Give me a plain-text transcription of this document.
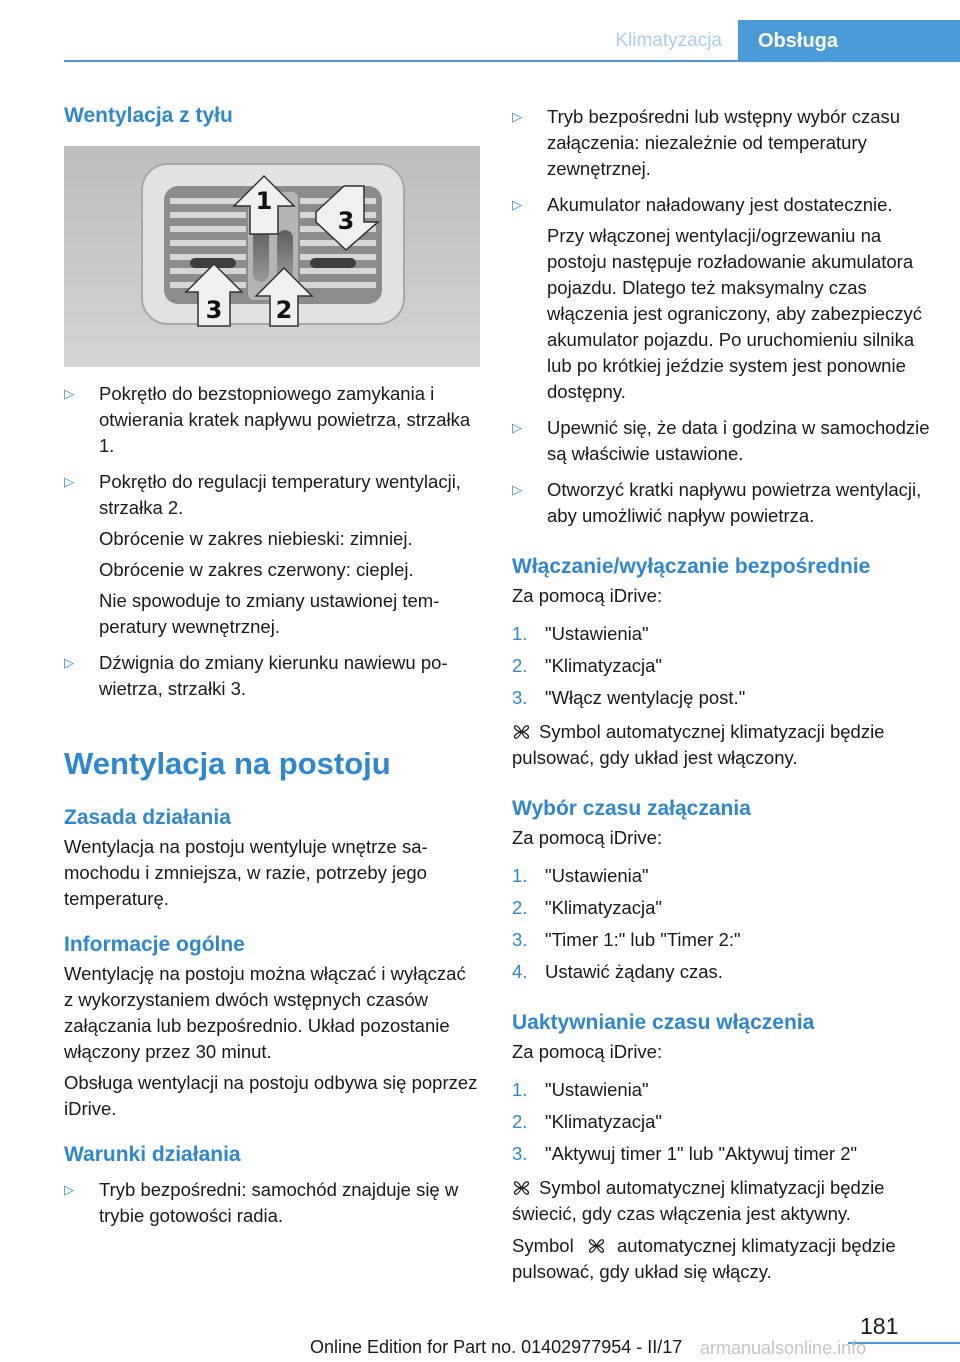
Klimatyzacja	Obsługa
Wentylacja z tyłu
1
2
3
3
▷ Pokrętło do bezstopniowego zamykania i otwierania kratek napływu powietrza, strzałka 1.
▷ Pokrętło do regulacji temperatury wentylacji, strzałka 2.
Obrócenie w zakres niebieski: zimniej.
Obrócenie w zakres czerwony: cieplej.
Nie spowoduje to zmiany ustawionej temperatury wewnętrznej.
▷ Dźwignia do zmiany kierunku nawiewu powietrza, strzałki 3.
Wentylacja na postoju
Zasada działania
Wentylacja na postoju wentyluje wnętrze samochodu i zmniejsza, w razie, potrzeby jego temperaturę.
Informacje ogólne
Wentylację na postoju można włączać i wyłączać z wykorzystaniem dwóch wstępnych czasów załączania lub bezpośrednio. Układ pozostanie włączony przez 30 minut.
Obsługa wentylacji na postoju odbywa się poprzez iDrive.
Warunki działania
▷ Tryb bezpośredni: samochód znajduje się w trybie gotowości radia.
▷ Tryb bezpośredni lub wstępny wybór czasu załączenia: niezależnie od temperatury zewnętrznej.
▷ Akumulator naładowany jest dostatecznie.
Przy włączonej wentylacji/ogrzewaniu na postoju następuje rozładowanie akumulatora pojazdu. Dlatego też maksymalny czas włączenia jest ograniczony, aby zabezpieczyć akumulator pojazdu. Po uruchomieniu silnika lub po krótkiej jeździe system jest ponownie dostępny.
▷ Upewnić się, że data i godzina w samochodzie są właściwie ustawione.
▷ Otworzyć kratki napływu powietrza wentylacji, aby umożliwić napływ powietrza.
Włączanie/wyłączanie bezpośrednie
Za pomocą iDrive:
1. "Ustawienia"
2. "Klimatyzacja"
3. "Włącz wentylację post."
Symbol automatycznej klimatyzacji będzie pulsować, gdy układ jest włączony.
Wybór czasu załączania
Za pomocą iDrive:
1. "Ustawienia"
2. "Klimatyzacja"
3. "Timer 1:" lub "Timer 2:"
4. Ustawić żądany czas.
Uaktywnianie czasu włączenia
Za pomocą iDrive:
1. "Ustawienia"
2. "Klimatyzacja"
3. "Aktywuj timer 1" lub "Aktywuj timer 2"
Symbol automatycznej klimatyzacji będzie świecić, gdy czas włączenia jest aktywny.
Symbol automatycznej klimatyzacji będzie pulsować, gdy układ się włączy.
181
Online Edition for Part no. 01402977954 - II/17 armanualsonline.info
